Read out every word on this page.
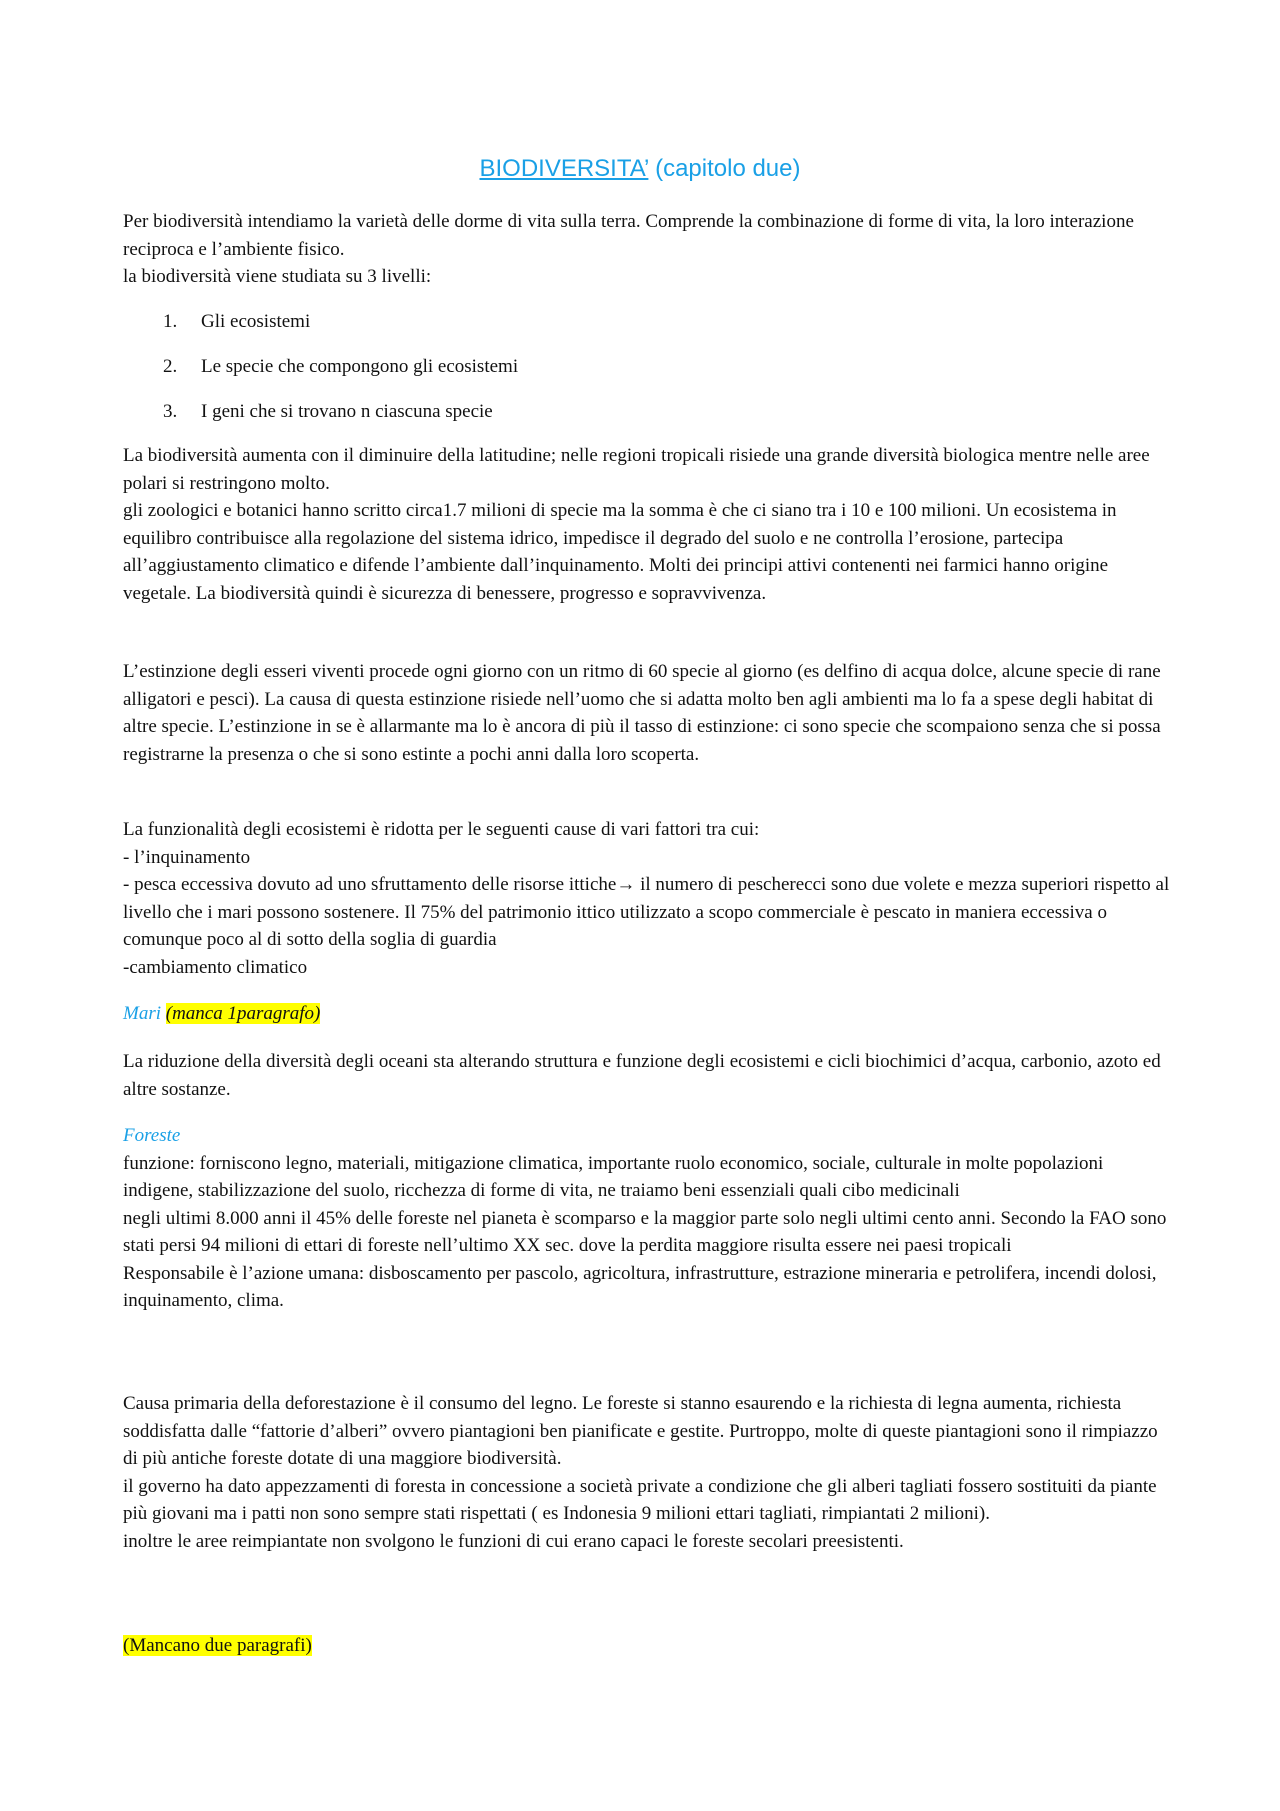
BIODIVERSITA’ (capitolo due)

Per biodiversità intendiamo la varietà delle dorme di vita sulla terra. Comprende la combinazione di forme di vita, la loro interazione reciproca e l’ambiente fisico.

la biodiversità viene studiata su 3 livelli:

1. Gli ecosistemi
2. Le specie che compongono gli ecosistemi
3. I geni che si trovano n ciascuna specie

La biodiversità aumenta con il diminuire della latitudine; nelle regioni tropicali risiede una grande diversità biologica mentre nelle aree polari si restringono molto.

gli zoologici e botanici hanno scritto circa1.7 milioni di specie ma la somma è che ci siano tra i 10 e 100 milioni. Un ecosistema in equilibro contribuisce alla regolazione del sistema idrico, impedisce il degrado del suolo e ne controlla l’erosione, partecipa all’aggiustamento climatico e difende l’ambiente dall’inquinamento. Molti dei principi attivi contenenti nei farmici hanno origine vegetale. La biodiversità quindi è sicurezza di benessere, progresso e sopravvivenza.

L’estinzione degli esseri viventi procede ogni giorno con un ritmo di 60 specie al giorno (es delfino di acqua dolce, alcune specie di rane alligatori e pesci). La causa di questa estinzione risiede nell’uomo che si adatta molto ben agli ambienti ma lo fa a spese degli habitat di altre specie. L’estinzione in se è allarmante ma lo è ancora di più il tasso di estinzione: ci sono specie che scompaiono senza che si possa registrarne la presenza o che si sono estinte a pochi anni dalla loro scoperta.

La funzionalità degli ecosistemi è ridotta per le seguenti cause di vari fattori tra cui:

- l’inquinamento

- pesca eccessiva dovuto ad uno sfruttamento delle risorse ittiche→ il numero di pescherecci sono due volete e mezza superiori rispetto al livello che i mari possono sostenere. Il 75% del patrimonio ittico utilizzato a scopo commerciale è pescato in maniera eccessiva o comunque poco al di sotto della soglia di guardia

-cambiamento climatico

Mari (manca 1paragrafo)

La riduzione della diversità degli oceani sta alterando struttura e funzione degli ecosistemi e cicli biochimici d’acqua, carbonio, azoto ed altre sostanze.

Foreste

funzione: forniscono legno, materiali, mitigazione climatica, importante ruolo economico, sociale, culturale in molte popolazioni indigene, stabilizzazione del suolo, ricchezza di forme di vita, ne traiamo beni essenziali quali cibo medicinali

negli ultimi 8.000 anni il 45% delle foreste nel pianeta è scomparso e la maggior parte solo negli ultimi cento anni. Secondo la FAO sono stati persi 94 milioni di ettari di foreste nell’ultimo XX sec. dove la perdita maggiore risulta essere nei paesi tropicali

Responsabile è l’azione umana: disboscamento per pascolo, agricoltura, infrastrutture, estrazione mineraria e petrolifera, incendi dolosi, inquinamento, clima.

Causa primaria della deforestazione è il consumo del legno. Le foreste si stanno esaurendo e la richiesta di legna aumenta, richiesta soddisfatta dalle “fattorie d’alberi” ovvero piantagioni ben pianificate e gestite. Purtroppo, molte di queste piantagioni sono il rimpiazzo di più antiche foreste dotate di una maggiore biodiversità.

il governo ha dato appezzamenti di foresta in concessione a società private a condizione che gli alberi tagliati fossero sostituiti da piante più giovani ma i patti non sono sempre stati rispettati ( es Indonesia 9 milioni ettari tagliati, rimpiantati 2 milioni).

inoltre le aree reimpiantate non svolgono le funzioni di cui erano capaci le foreste secolari preesistenti.

(Mancano due paragrafi)
